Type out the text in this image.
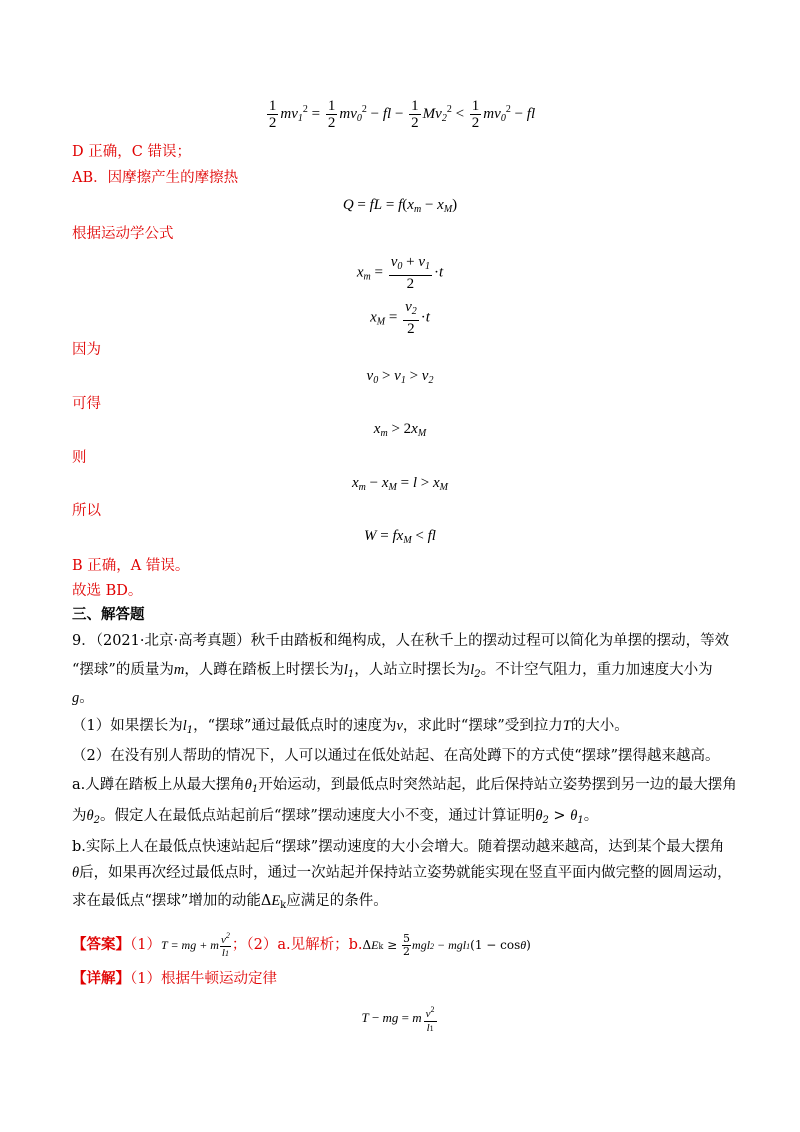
$\frac{1}{2} mv_1^2 = \frac{1}{2} mv_0^2$ − fl − $\frac{1}{2} Mv_2^2 < \frac{1}{2} mv_0^2$ − fl
D 正确，C 错误；
AB．因摩擦产生的摩擦热
Q = fL = $f(x_m - x_M)$
根据运动学公式
$x_m = \frac{v_0 + v_1}{2} \cdot t$
$x_M = \frac{v_2}{2} \cdot t$
因为
$v_0 > v_1 > v_2$
可得
$x_m > 2x_M$
则
$x_m - x_M = l > x_M$
所以
$W = fx_M$ < fl
B 正确，A 错误。
故选 BD。
三、解答题
9．（2021·北京·高考真题）秋千由踏板和绳构成，人在秋千上的摆动过程可以简化为单摆的摆动，等效
“摆球”的质量为m，人蹲在踏板上时摆长为$l_1$，人站立时摆长为$l_2$。不计空气阻力，重力加速度大小为
g。
（1）如果摆长为$l_1$，“摆球”通过最低点时的速度为v，求此时“摆球”受到拉力T的大小。
（2）在没有别人帮助的情况下，人可以通过在低处站起、在高处蹲下的方式使“摆球”摆得越来越高。
a.人蹲在踏板上从最大摆角$\theta_1$开始运动，到最低点时突然站起，此后保持站立姿势摆到另一边的最大摆角
为$\theta_2$。假定人在最低点站起前后“摆球”摆动速度大小不变，通过计算证明$\theta_2 > \theta_1$。
b.实际上人在最低点快速站起后“摆球”摆动速度的大小会增大。随着摆动越来越高，达到某个最大摆角
θ后，如果再次经过最低点时，通过一次站起并保持站立姿势就能实现在竖直平面内做完整的圆周运动，
求在最低点“摆球”增加的动能$\Delta E_k$应满足的条件。
【答案】（1）T = mg + m $\frac{v^2}{l1}$ ；（2）a.见解析；$b.\Delta Ek \ge \frac{5}{2} mgl2 - mgl1(1 - \cos\theta)$
【详解】（1）根据牛顿运动定律
T − mg = m $\frac{v^2}{l1}$
